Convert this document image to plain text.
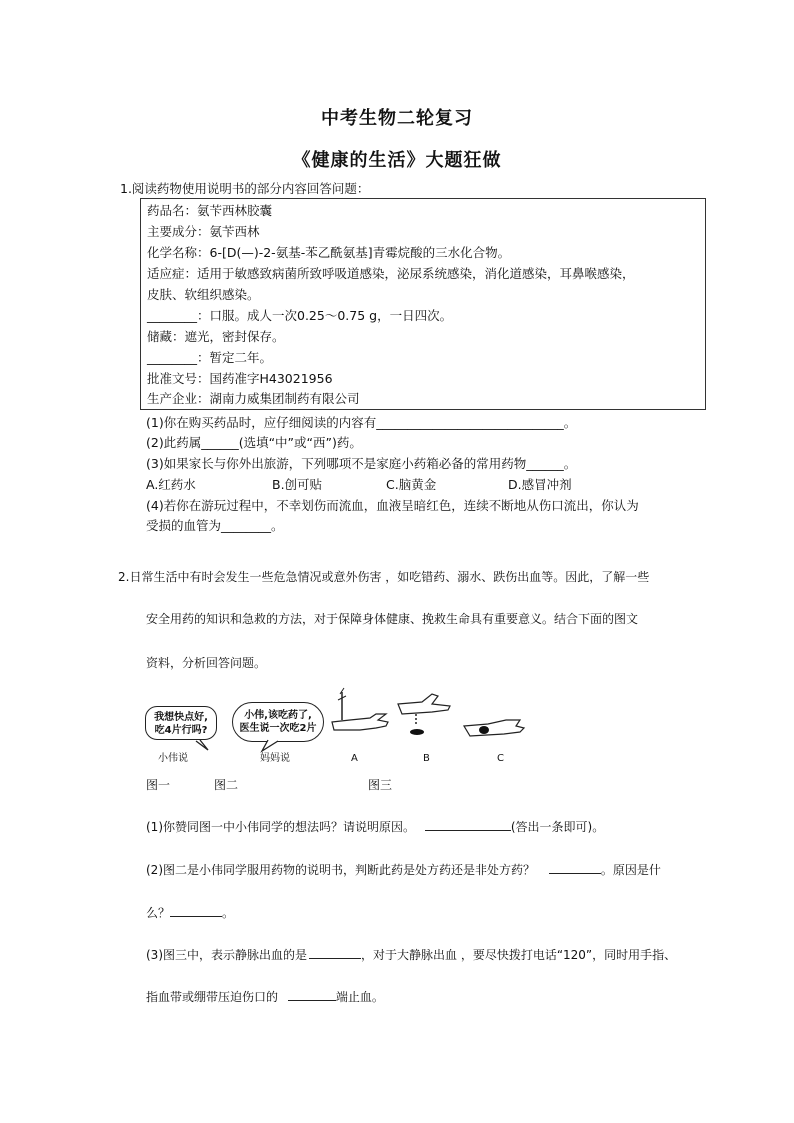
中考生物二轮复习
《健康的生活》大题狂做
1.阅读药物使用说明书的部分内容回答问题：
药品名：氨苄西林胶囊
主要成分：氨苄西林
化学名称：6-[D(—)-2-氨基-苯乙酰氨基]青霉烷酸的三水化合物。
适应症：适用于敏感致病菌所致呼吸道感染，泌尿系统感染，消化道感染，耳鼻喉感染，
皮肤、软组织感染。
________：口服。成人一次0.25～0.75 g，一日四次。
储藏：遮光，密封保存。
________：暂定二年。
批准文号：国药准字H43021956
生产企业：湖南力威集团制药有限公司
(1)你在购买药品时，应仔细阅读的内容有______________________________。
(2)此药属______(选填“中”或“西”)药。
(3)如果家长与你外出旅游，下列哪项不是家庭小药箱必备的常用药物______。
A.红药水	B.创可贴	C.脑黄金	D.感冒冲剂
(4)若你在游玩过程中，不幸划伤而流血，血液呈暗红色，连续不断地从伤口流出，你认为
受损的血管为________。
2.日常生活中有时会发生一些危急情况或意外伤害 ，如吃错药、溺水、跌伤出血等。因此，了解一些
安全用药的知识和急救的方法，对于保障身体健康、挽救生命具有重要意义。结合下面的图文
资料，分析回答问题。
我想快点好,
吃4片行吗?
小伟,该吃药了,
医生说一次吃2片
小伟说	妈妈说	A	B	C
图一	图二	图三
(1)你赞同图一中小伟同学的想法吗？请说明原因。	(答出一条即可)。
(2)图二是小伟同学服用药物的说明书，判断此药是处方药还是非处方药？	。原因是什
么？	。
(3)图三中，表示静脉出血的是	，对于大静脉出血 ，要尽快拨打电话“120”，同时用手指、
指血带或绷带压迫伤口的	端止血。
